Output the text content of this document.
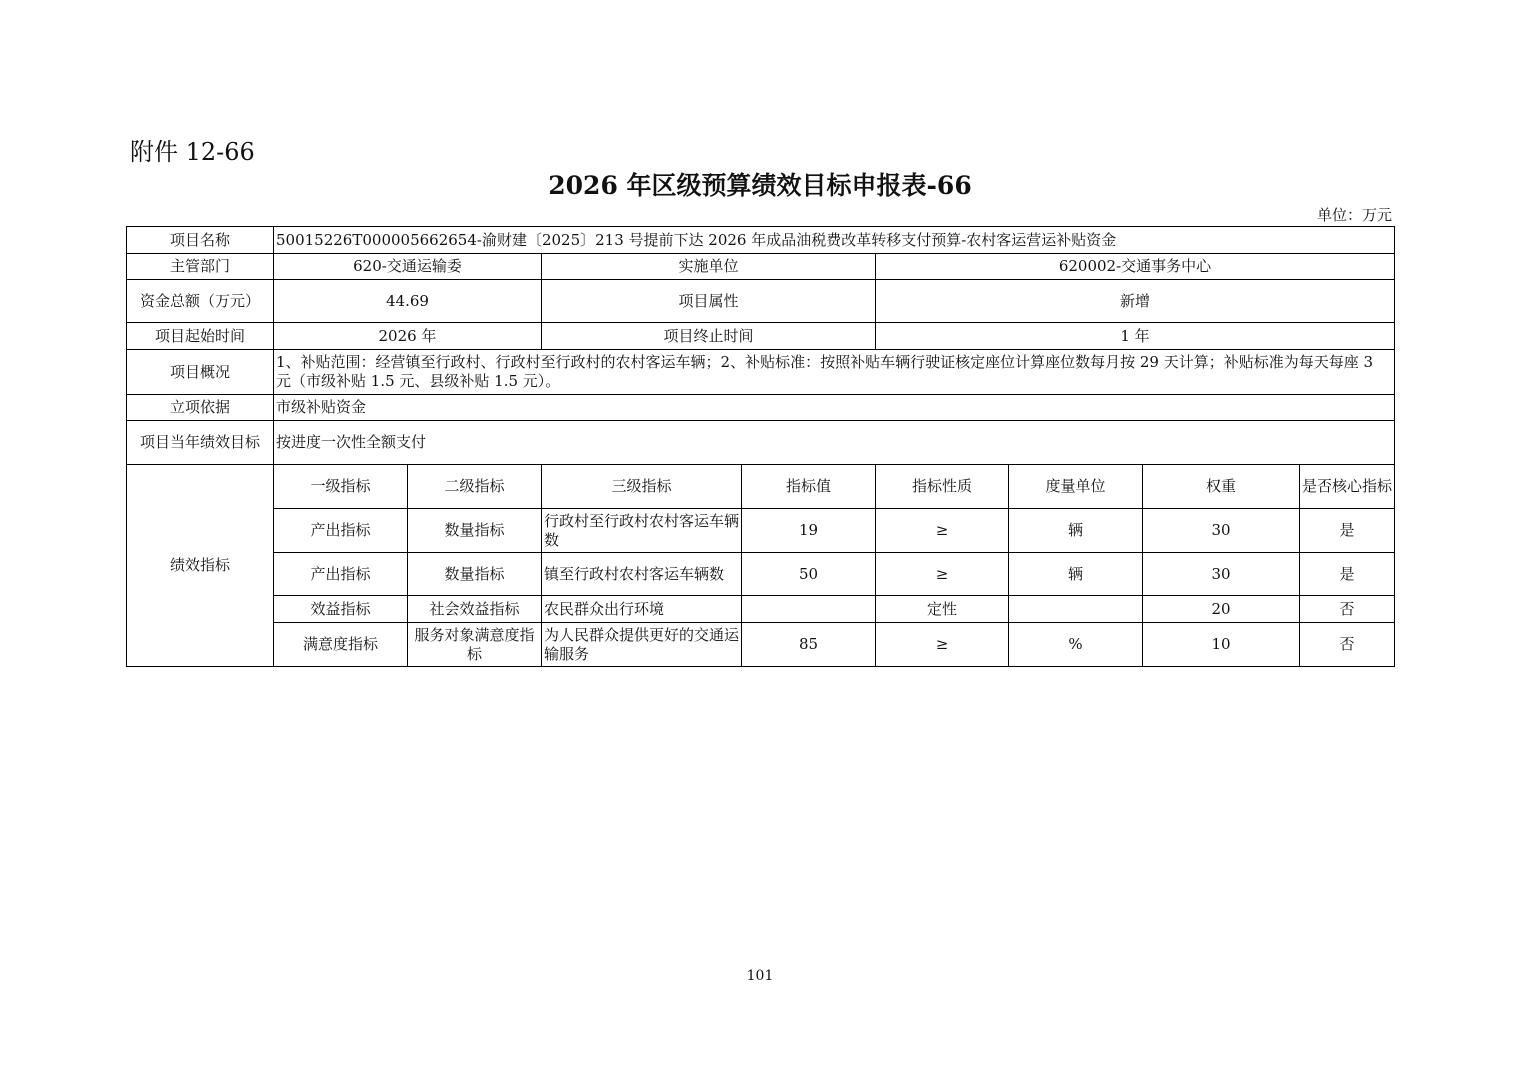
附件 12-66
2026 年区级预算绩效目标申报表-66
单位：万元
项目名称	50015226T000005662654-渝财建〔2025〕213 号提前下达 2026 年成品油税费改革转移支付预算-农村客运营运补贴资金							
主管部门	620-交通运输委		实施单位		620002-交通事务中心			
资金总额（万元）	44.69		项目属性		新增			
项目起始时间	2026 年		项目终止时间		1 年			
项目概况	1、补贴范围：经营镇至行政村、行政村至行政村的农村客运车辆；2、补贴标准：按照补贴车辆行驶证核定座位计算座位数每月按 29 天计算；补贴标准为每天每座 3 元（市级补贴 1.5 元、县级补贴 1.5 元）。							
立项依据	市级补贴资金							
项目当年绩效目标	按进度一次性全额支付							
绩效指标	一级指标	二级指标	三级指标	指标值	指标性质	度量单位	权重	是否核心指标
	产出指标	数量指标	行政村至行政村农村客运车辆数	19	≥	辆	30	是
	产出指标	数量指标	镇至行政村农村客运车辆数	50	≥	辆	30	是
	效益指标	社会效益指标	农民群众出行环境		定性		20	否
	满意度指标	服务对象满意度指标	为人民群众提供更好的交通运输服务	85	≥	%	10	否
101
